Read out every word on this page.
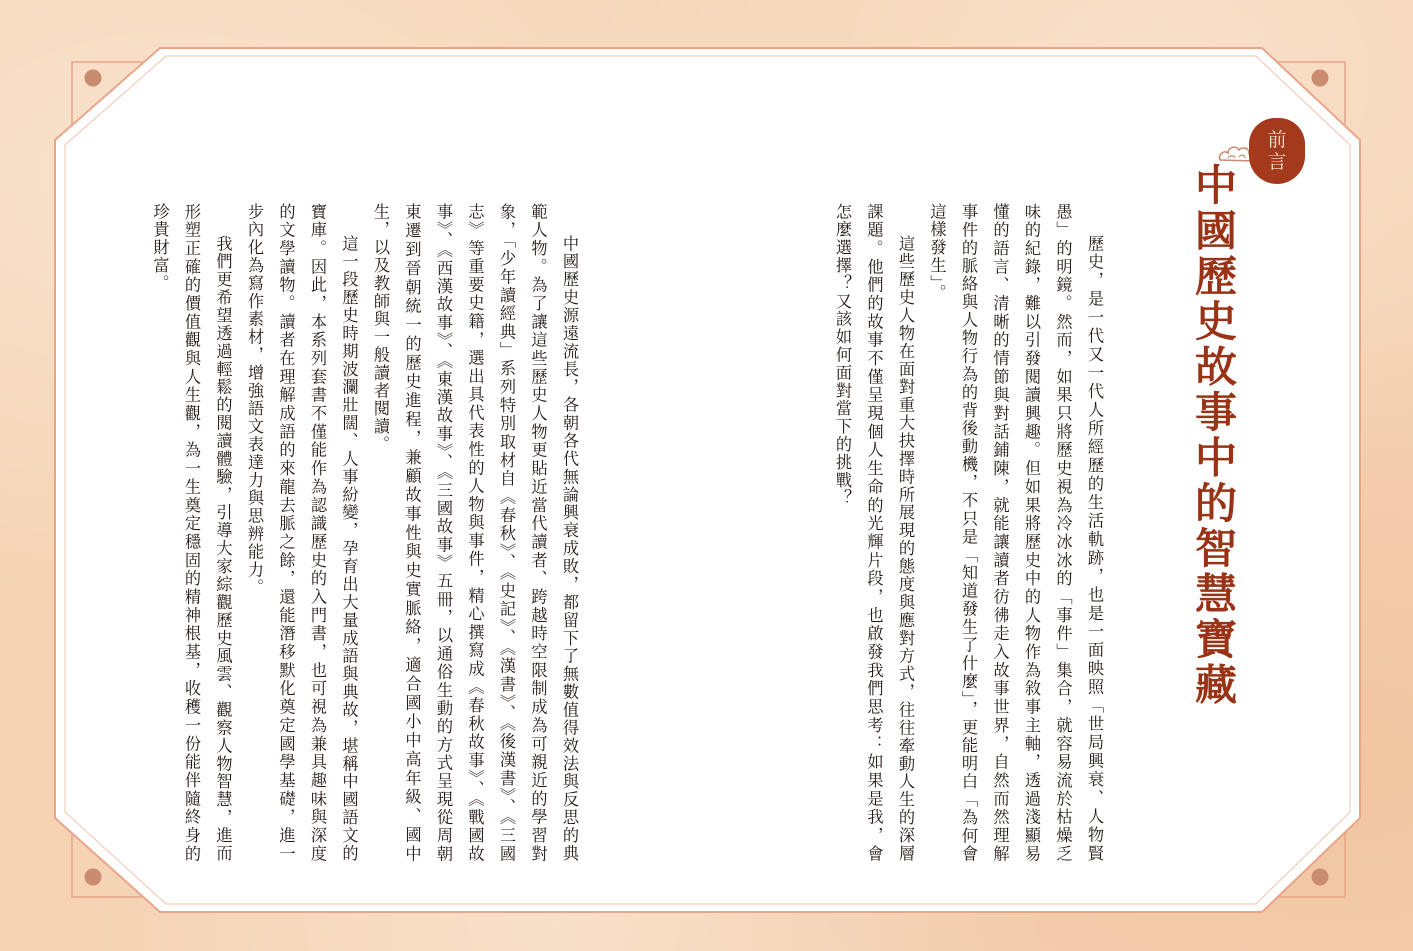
前
言
中國歷史故事中的智慧寶藏

歷史，是一代又一代人所經歷的生活軌跡，也是一面映照「世局興衰、人物賢愚」的明鏡。然而，如果只將歷史視為冷冰冰的「事件」集合，就容易流於枯燥乏味的紀錄，難以引發閱讀興趣。但如果將歷史中的人物作為敘事主軸，透過淺顯易懂的語言、清晰的情節與對話鋪陳，就能讓讀者彷彿走入故事世界，自然而然理解事件的脈絡與人物行為的背後動機，不只是「知道發生了什麼」，更能明白「為何會這樣發生」。

這些歷史人物在面對重大抉擇時所展現的態度與應對方式，往往牽動人生的深層課題。他們的故事不僅呈現個人生命的光輝片段，也啟發我們思考：如果是我，會怎麼選擇？又該如何面對當下的挑戰？

中國歷史源遠流長，各朝各代無論興衰成敗，都留下了無數值得效法與反思的典範人物。為了讓這些歷史人物更貼近當代讀者、跨越時空限制成為可親近的學習對象，「少年讀經典」系列特別取材自《春秋》、《史記》、《漢書》、《後漢書》、《三國志》等重要史籍，選出具代表性的人物與事件，精心撰寫成《春秋故事》、《戰國故事》、《西漢故事》、《東漢故事》、《三國故事》五冊，以通俗生動的方式呈現從周朝東遷到晉朝統一的歷史進程，兼顧故事性與史實脈絡，適合國小中高年級、國中生，以及教師與一般讀者閱讀。

這一段歷史時期波瀾壯闊、人事紛變，孕育出大量成語與典故，堪稱中國語文的寶庫。因此，本系列套書不僅能作為認識歷史的入門書，也可視為兼具趣味與深度的文學讀物。讀者在理解成語的來龍去脈之餘，還能潛移默化奠定國學基礎，進一步內化為寫作素材，增強語文表達力與思辨能力。

我們更希望透過輕鬆的閱讀體驗，引導大家綜觀歷史風雲、觀察人物智慧，進而形塑正確的價值觀與人生觀，為一生奠定穩固的精神根基，收穫一份能伴隨終身的珍貴財富。
